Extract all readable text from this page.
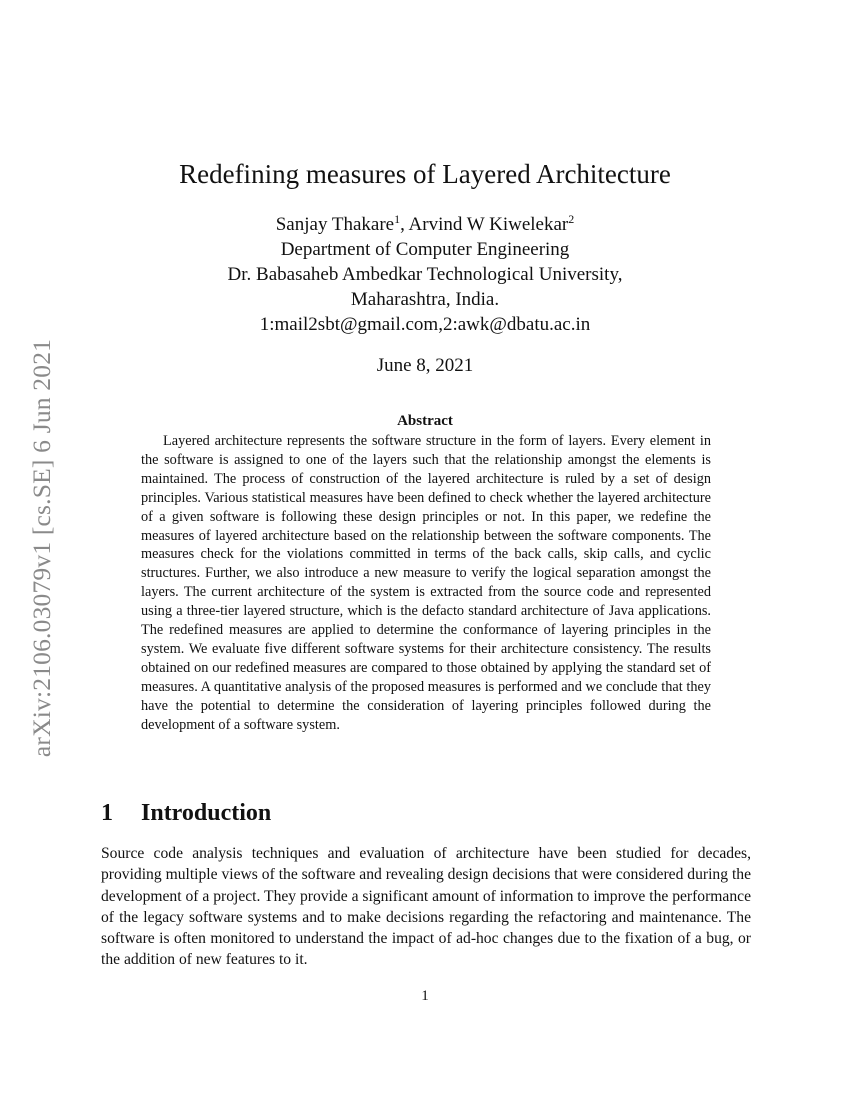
arXiv:2106.03079v1 [cs.SE] 6 Jun 2021
Redefining measures of Layered Architecture
Sanjay Thakare$^1$, Arvind W Kiwelekar$^2$
Department of Computer Engineering
Dr. Babasaheb Ambedkar Technological University,
Maharashtra, India.
1:mail2sbt@gmail.com,2:awk@dbatu.ac.in
June 8, 2021
Abstract
Layered architecture represents the software structure in the form of layers. Every element in the software is assigned to one of the layers such that the relationship amongst the elements is maintained. The process of construction of the layered architecture is ruled by a set of design principles. Various statistical measures have been defined to check whether the layered architecture of a given software is following these design principles or not. In this paper, we redefine the measures of layered architecture based on the relationship between the software components. The measures check for the violations committed in terms of the back calls, skip calls, and cyclic structures. Further, we also introduce a new measure to verify the logical separation amongst the layers. The current architecture of the system is extracted from the source code and represented using a three-tier layered structure, which is the defacto standard architecture of Java applications. The redefined measures are applied to determine the conformance of layering principles in the system. We evaluate five different software systems for their architecture consistency. The results obtained on our redefined measures are compared to those obtained by applying the standard set of measures. A quantitative analysis of the proposed measures is performed and we conclude that they have the potential to determine the consideration of layering principles followed during the development of a software system.
1 Introduction
Source code analysis techniques and evaluation of architecture have been studied for decades, providing multiple views of the software and revealing design decisions that were considered during the development of a project. They provide a significant amount of information to improve the performance of the legacy software systems and to make decisions regarding the refactoring and maintenance. The software is often monitored to understand the impact of ad-hoc changes due to the fixation of a bug, or the addition of new features to it.
1
